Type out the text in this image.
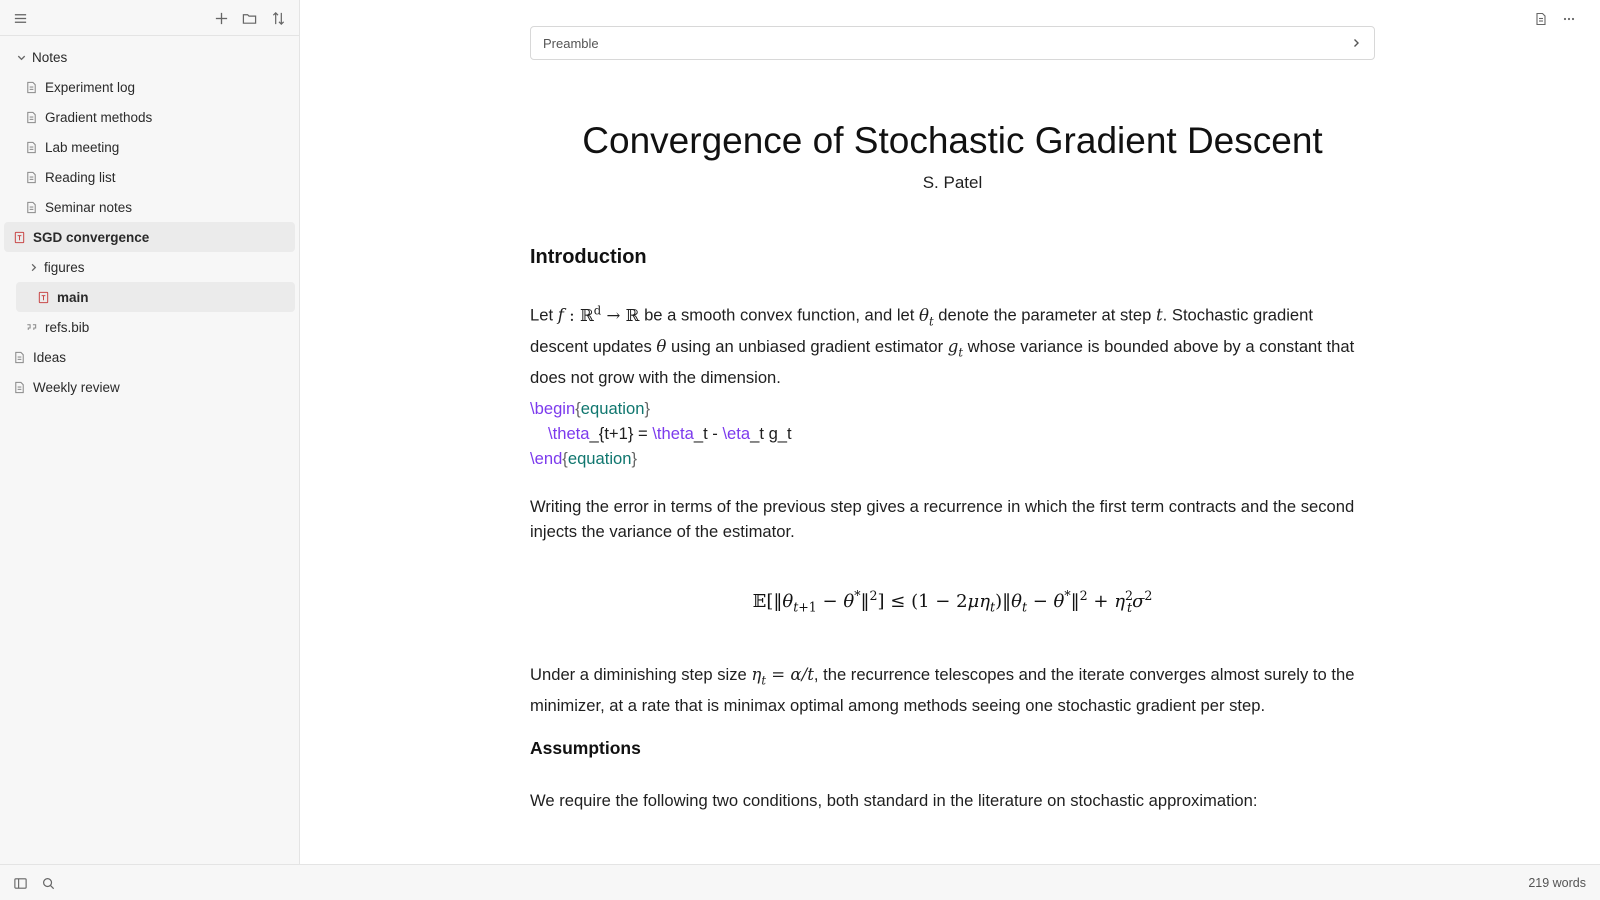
Notes
Experiment log
Gradient methods
Lab meeting
Reading list
Seminar notes
SGD convergence
figures
main
refs.bib
Ideas
Weekly review
Preamble
Convergence of Stochastic Gradient Descent
S. Patel
Introduction
Let f : ℝ$^d$ → ℝ be a smooth convex function, and let $\theta_t$ denote the parameter at step t. Stochastic gradient descent updates θ using an unbiased gradient estimator $g_t$ whose variance is bounded above by a constant that does not grow with the dimension.
\begin{equation}
\theta_{t+1} = \theta_t - \eta_t g_t
\end{equation}
Writing the error in terms of the previous step gives a recurrence in which the first term contracts and the second injects the variance of the estimator.
$𝔼[‖\theta_{t+1}$ − θ*‖$^2$] ≤ $(1 - 2\mu\eta_t)‖\theta_t$ − θ*‖$^2$ + $\eta^2_t\sigma^2$
Under a diminishing step size $\eta_t = \alpha/t$, the recurrence telescopes and the iterate converges almost surely to the minimizer, at a rate that is minimax optimal among methods seeing one stochastic gradient per step.
Assumptions
We require the following two conditions, both standard in the literature on stochastic approximation:
219 words
